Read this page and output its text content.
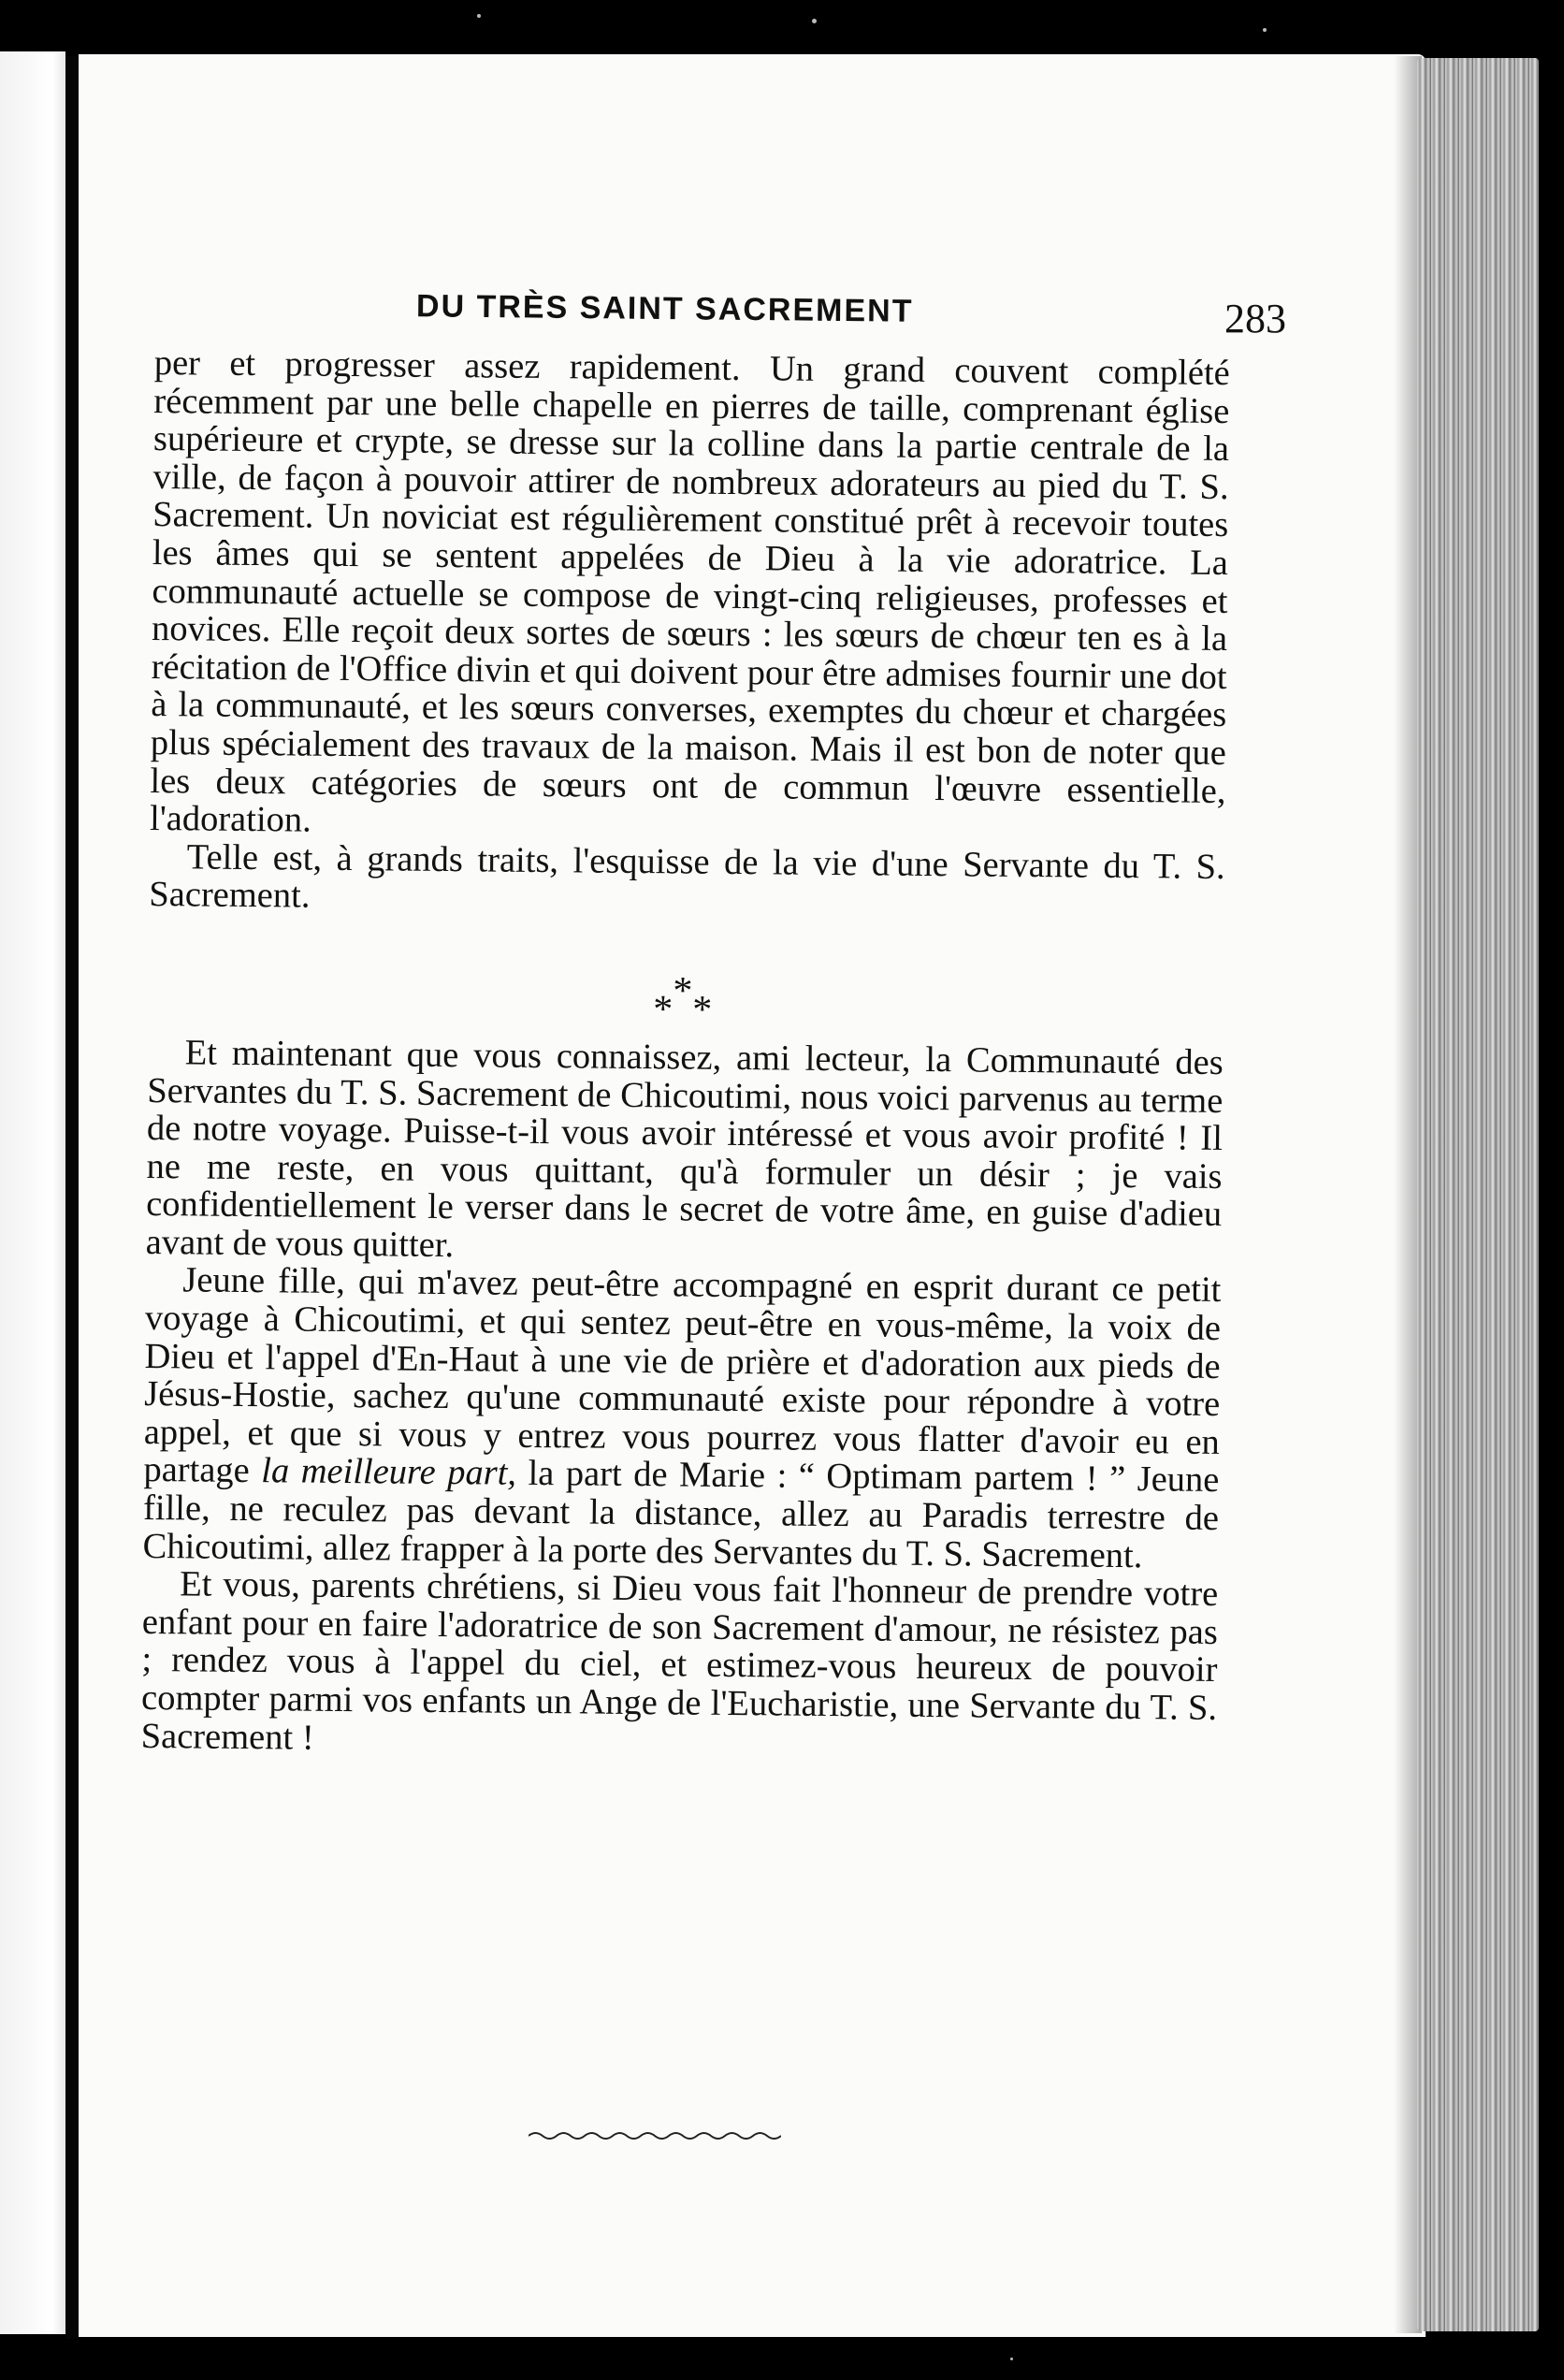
DU TRÈS SAINT SACREMENT	283

per et progresser assez rapidement. Un grand couvent complété récemment par une belle chapelle en pierres de taille, comprenant église supérieure et crypte, se dresse sur la colline dans la partie centrale de la ville, de façon à pouvoir attirer de nombreux adorateurs au pied du T. S. Sacrement. Un noviciat est régulièrement constitué prêt à recevoir toutes les âmes qui se sentent appelées de Dieu à la vie adoratrice. La communauté actuelle se compose de vingt-cinq religieuses, professes et novices. Elle reçoit deux sortes de sœurs : les sœurs de chœur ten es à la récitation de l'Office divin et qui doivent pour être admises fournir une dot à la communauté, et les sœurs converses, exemptes du chœur et chargées plus spécialement des travaux de la maison. Mais il est bon de noter que les deux catégories de sœurs ont de commun l'œuvre essentielle, l'adoration.

Telle est, à grands traits, l'esquisse de la vie d'une Servante du T. S. Sacrement.

* * *

Et maintenant que vous connaissez, ami lecteur, la Communauté des Servantes du T. S. Sacrement de Chicoutimi, nous voici parvenus au terme de notre voyage. Puisse-t-il vous avoir intéressé et vous avoir profité ! Il ne me reste, en vous quittant, qu'à formuler un désir ; je vais confidentiellement le verser dans le secret de votre âme, en guise d'adieu avant de vous quitter.

Jeune fille, qui m'avez peut-être accompagné en esprit durant ce petit voyage à Chicoutimi, et qui sentez peut-être en vous-même, la voix de Dieu et l'appel d'En-Haut à une vie de prière et d'adoration aux pieds de Jésus-Hostie, sachez qu'une communauté existe pour répondre à votre appel, et que si vous y entrez vous pourrez vous flatter d'avoir eu en partage la meilleure part, la part de Marie : “ Optimam partem ! ” Jeune fille, ne reculez pas devant la distance, allez au Paradis terrestre de Chicoutimi, allez frapper à la porte des Servantes du T. S. Sacrement.

Et vous, parents chrétiens, si Dieu vous fait l'honneur de prendre votre enfant pour en faire l'adoratrice de son Sacrement d'amour, ne résistez pas ; rendez vous à l'appel du ciel, et estimez-vous heureux de pouvoir compter parmi vos enfants un Ange de l'Eucharistie, une Servante du T. S. Sacrement !
